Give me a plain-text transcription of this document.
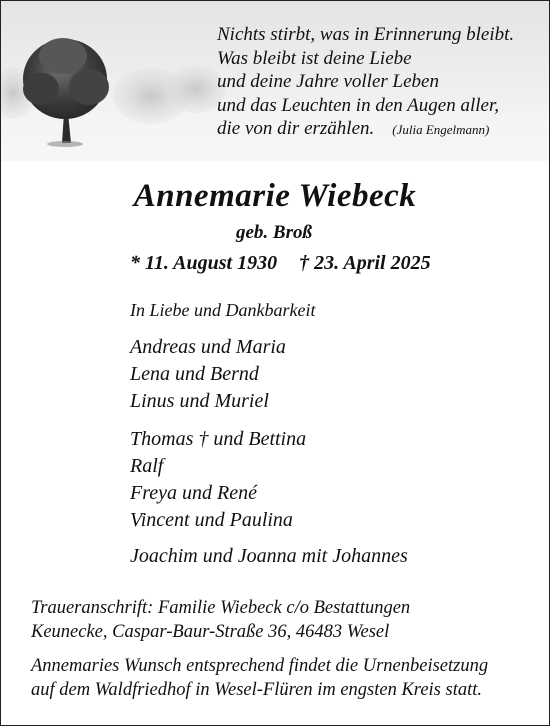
Nichts stirbt, was in Erinnerung bleibt.
Was bleibt ist deine Liebe
und deine Jahre voller Leben
und das Leuchten in den Augen aller,
die von dir erzählen. (Julia Engelmann)
Annemarie Wiebeck
geb. Broß
* 11. August 1930 † 23. April 2025
In Liebe und Dankbarkeit
Andreas und Maria
Lena und Bernd
Linus und Muriel
Thomas † und Bettina
Ralf
Freya und René
Vincent und Paulina
Joachim und Joanna mit Johannes
Traueranschrift: Familie Wiebeck c/o Bestattungen
Keunecke, Caspar-Baur-Straße 36, 46483 Wesel
Annemaries Wunsch entsprechend findet die Urnenbeisetzung
auf dem Waldfriedhof in Wesel-Flüren im engsten Kreis statt.
